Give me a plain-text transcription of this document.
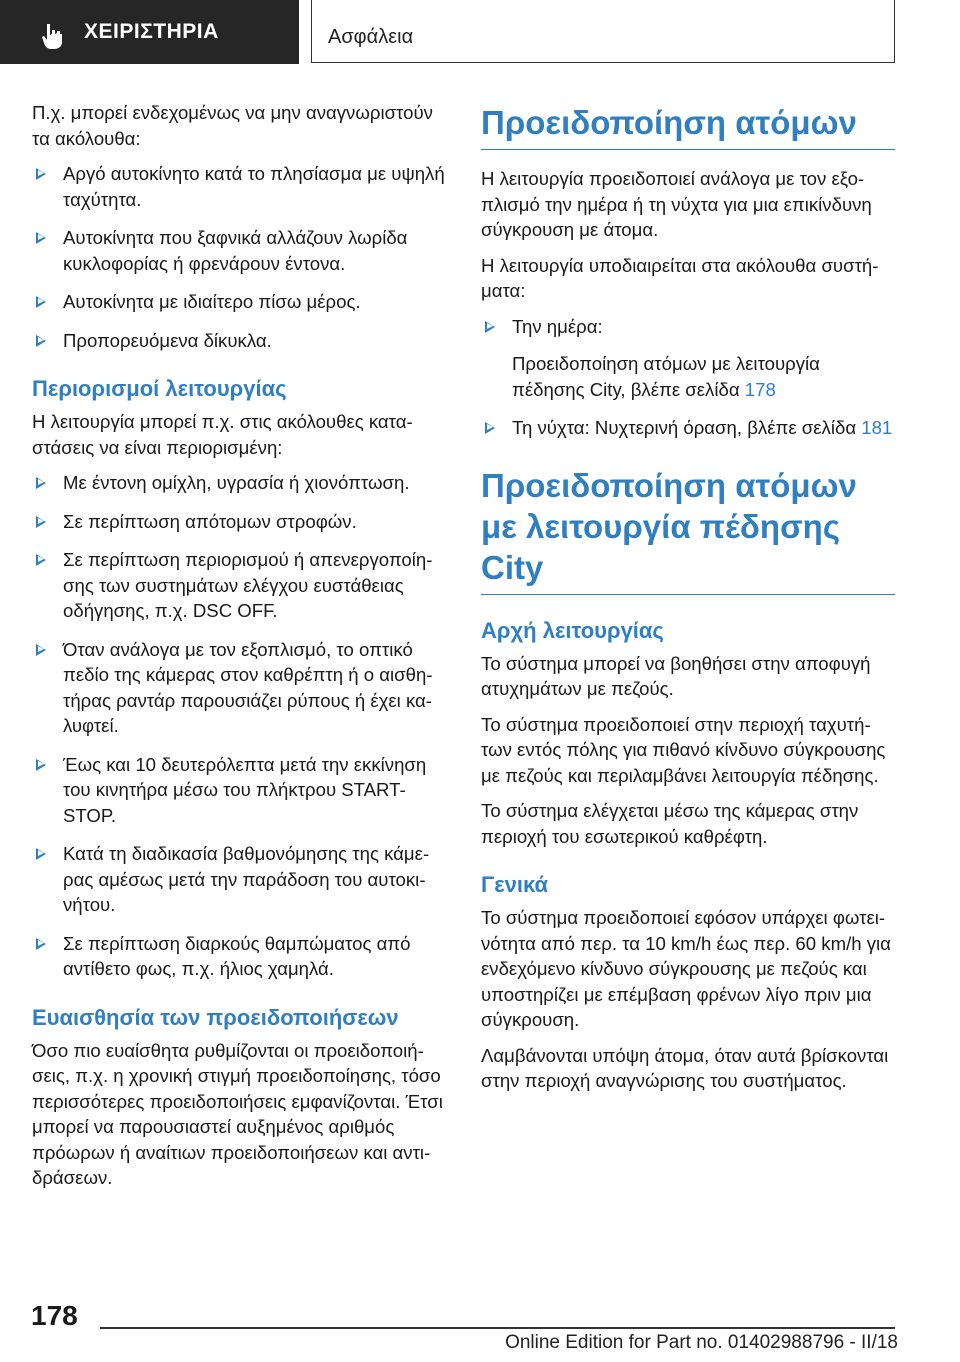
ΧΕΙΡΙΣΤΗΡΙΑ	Ασφάλεια

Π.χ. μπορεί ενδεχομένως να μην αναγνωριστούν τα ακόλουθα:

Αργό αυτοκίνητο κατά το πλησίασμα με υψηλή ταχύτητα.
Αυτοκίνητα που ξαφνικά αλλάζουν λωρίδα κυκλοφορίας ή φρενάρουν έντονα.
Αυτοκίνητα με ιδιαίτερο πίσω μέρος.
Προπορευόμενα δίκυκλα.
Περιορισμοί λειτουργίας

Η λειτουργία μπορεί π.χ. στις ακόλουθες καταστάσεις να είναι περιορισμένη:

Με έντονη ομίχλη, υγρασία ή χιονόπτωση.
Σε περίπτωση απότομων στροφών.
Σε περίπτωση περιορισμού ή απενεργοποίησης των συστημάτων ελέγχου ευστάθειας οδήγησης, π.χ. DSC OFF.
Όταν ανάλογα με τον εξοπλισμό, το οπτικό πεδίο της κάμερας στον καθρέπτη ή ο αισθητήρας ραντάρ παρουσιάζει ρύπους ή έχει καλυφτεί.
Έως και 10 δευτερόλεπτα μετά την εκκίνηση του κινητήρα μέσω του πλήκτρου START-STOP.
Κατά τη διαδικασία βαθμονόμησης της κάμερας αμέσως μετά την παράδοση του αυτοκινήτου.
Σε περίπτωση διαρκούς θαμπώματος από αντίθετο φως, π.χ. ήλιος χαμηλά.
Ευαισθησία των προειδοποιήσεων

Όσο πιο ευαίσθητα ρυθμίζονται οι προειδοποιήσεις, π.χ. η χρονική στιγμή προειδοποίησης, τόσο περισσότερες προειδοποιήσεις εμφανίζονται. Έτσι μπορεί να παρουσιαστεί αυξημένος αριθμός πρόωρων ή αναίτιων προειδοποιήσεων και αντιδράσεων.

Προειδοποίηση ατόμων

Η λειτουργία προειδοποιεί ανάλογα με τον εξοπλισμό την ημέρα ή τη νύχτα για μια επικίνδυνη σύγκρουση με άτομα.

Η λειτουργία υποδιαιρείται στα ακόλουθα συστήματα:

Την ημέρα:
Προειδοποίηση ατόμων με λειτουργία πέδησης City, βλέπε σελίδα 178
Τη νύχτα: Νυχτερινή όραση, βλέπε σελίδα 181
Προειδοποίηση ατόμων με λειτουργία πέδησης City
Αρχή λειτουργίας

Το σύστημα μπορεί να βοηθήσει στην αποφυγή ατυχημάτων με πεζούς.

Το σύστημα προειδοποιεί στην περιοχή ταχυτήτων εντός πόλης για πιθανό κίνδυνο σύγκρουσης με πεζούς και περιλαμβάνει λειτουργία πέδησης.

Το σύστημα ελέγχεται μέσω της κάμερας στην περιοχή του εσωτερικού καθρέφτη.

Γενικά

Το σύστημα προειδοποιεί εφόσον υπάρχει φωτεινότητα από περ. τα 10 km/h έως περ. 60 km/h για ενδεχόμενο κίνδυνο σύγκρουσης με πεζούς και υποστηρίζει με επέμβαση φρένων λίγο πριν μια σύγκρουση.

Λαμβάνονται υπόψη άτομα, όταν αυτά βρίσκονται στην περιοχή αναγνώρισης του συστήματος.

178
Online Edition for Part no. 01402988796 - II/18
